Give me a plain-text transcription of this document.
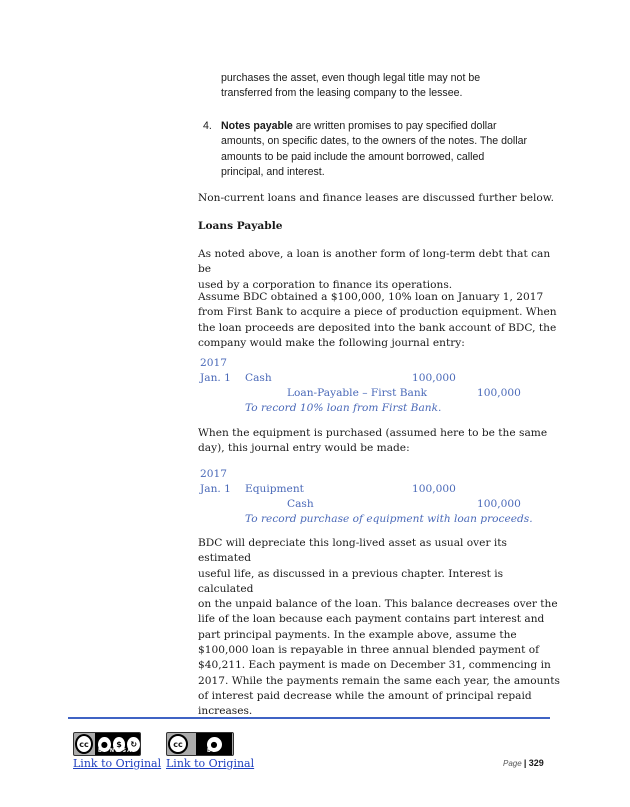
purchases the asset, even though legal title may not be
transferred from the leasing company to the lessee.
4. Notes payable are written promises to pay specified dollar
amounts, on specific dates, to the owners of the notes. The dollar
amounts to be paid include the amount borrowed, called
principal, and interest.
Non-current loans and finance leases are discussed further below.
Loans Payable
As noted above, a loan is another form of long-term debt that can be
used by a corporation to finance its operations.
Assume BDC obtained a $100,000, 10% loan on January 1, 2017
from First Bank to acquire a piece of production equipment. When
the loan proceeds are deposited into the bank account of BDC, the
company would make the following journal entry:
2017
Jan. 1 Cash	100,000
Loan-Payable – First Bank	100,000
To record 10% loan from First Bank.
When the equipment is purchased (assumed here to be the same
day), this journal entry would be made:
2017
Jan. 1 Equipment	100,000
Cash	100,000
To record purchase of equipment with loan proceeds.
BDC will depreciate this long-lived asset as usual over its estimated
useful life, as discussed in a previous chapter. Interest is calculated
on the unpaid balance of the loan. This balance decreases over the
life of the loan because each payment contains part interest and
part principal payments. In the example above, assume the
$100,000 loan is repayable in three annual blended payment of
$40,211. Each payment is made on December 31, commencing in
2017. While the payments remain the same each year, the amounts
of interest paid decrease while the amount of principal repaid
increases.
cc	●	$	↻
BY NC SA
cc	●
BY
Link to Original Link to Original	Page | 329
